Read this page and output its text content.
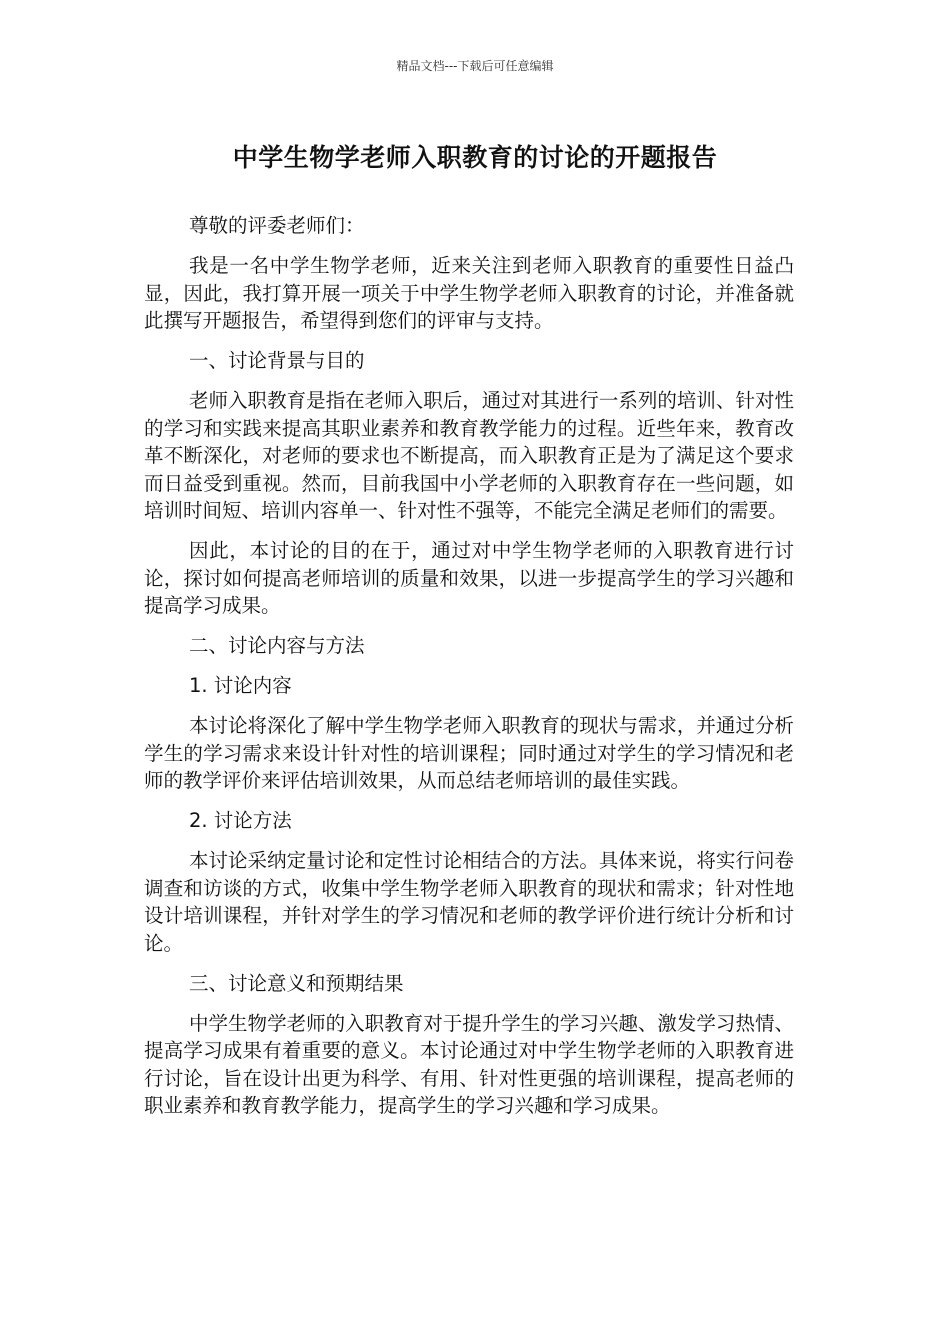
精品文档---下载后可任意编辑
中学生物学老师入职教育的讨论的开题报告

尊敬的评委老师们：

我是一名中学生物学老师，近来关注到老师入职教育的重要性日益凸显，因此，我打算开展一项关于中学生物学老师入职教育的讨论，并准备就此撰写开题报告，希望得到您们的评审与支持。

一、讨论背景与目的

老师入职教育是指在老师入职后，通过对其进行一系列的培训、针对性的学习和实践来提高其职业素养和教育教学能力的过程。近些年来，教育改革不断深化，对老师的要求也不断提高，而入职教育正是为了满足这个要求而日益受到重视。然而，目前我国中小学老师的入职教育存在一些问题，如培训时间短、培训内容单一、针对性不强等，不能完全满足老师们的需要。

因此，本讨论的目的在于，通过对中学生物学老师的入职教育进行讨论，探讨如何提高老师培训的质量和效果，以进一步提高学生的学习兴趣和提高学习成果。

二、讨论内容与方法

1. 讨论内容

本讨论将深化了解中学生物学老师入职教育的现状与需求，并通过分析学生的学习需求来设计针对性的培训课程；同时通过对学生的学习情况和老师的教学评价来评估培训效果，从而总结老师培训的最佳实践。

2. 讨论方法

本讨论采纳定量讨论和定性讨论相结合的方法。具体来说，将实行问卷调查和访谈的方式，收集中学生物学老师入职教育的现状和需求；针对性地设计培训课程，并针对学生的学习情况和老师的教学评价进行统计分析和讨论。

三、讨论意义和预期结果

中学生物学老师的入职教育对于提升学生的学习兴趣、激发学习热情、提高学习成果有着重要的意义。本讨论通过对中学生物学老师的入职教育进行讨论，旨在设计出更为科学、有用、针对性更强的培训课程，提高老师的职业素养和教育教学能力，提高学生的学习兴趣和学习成果。
